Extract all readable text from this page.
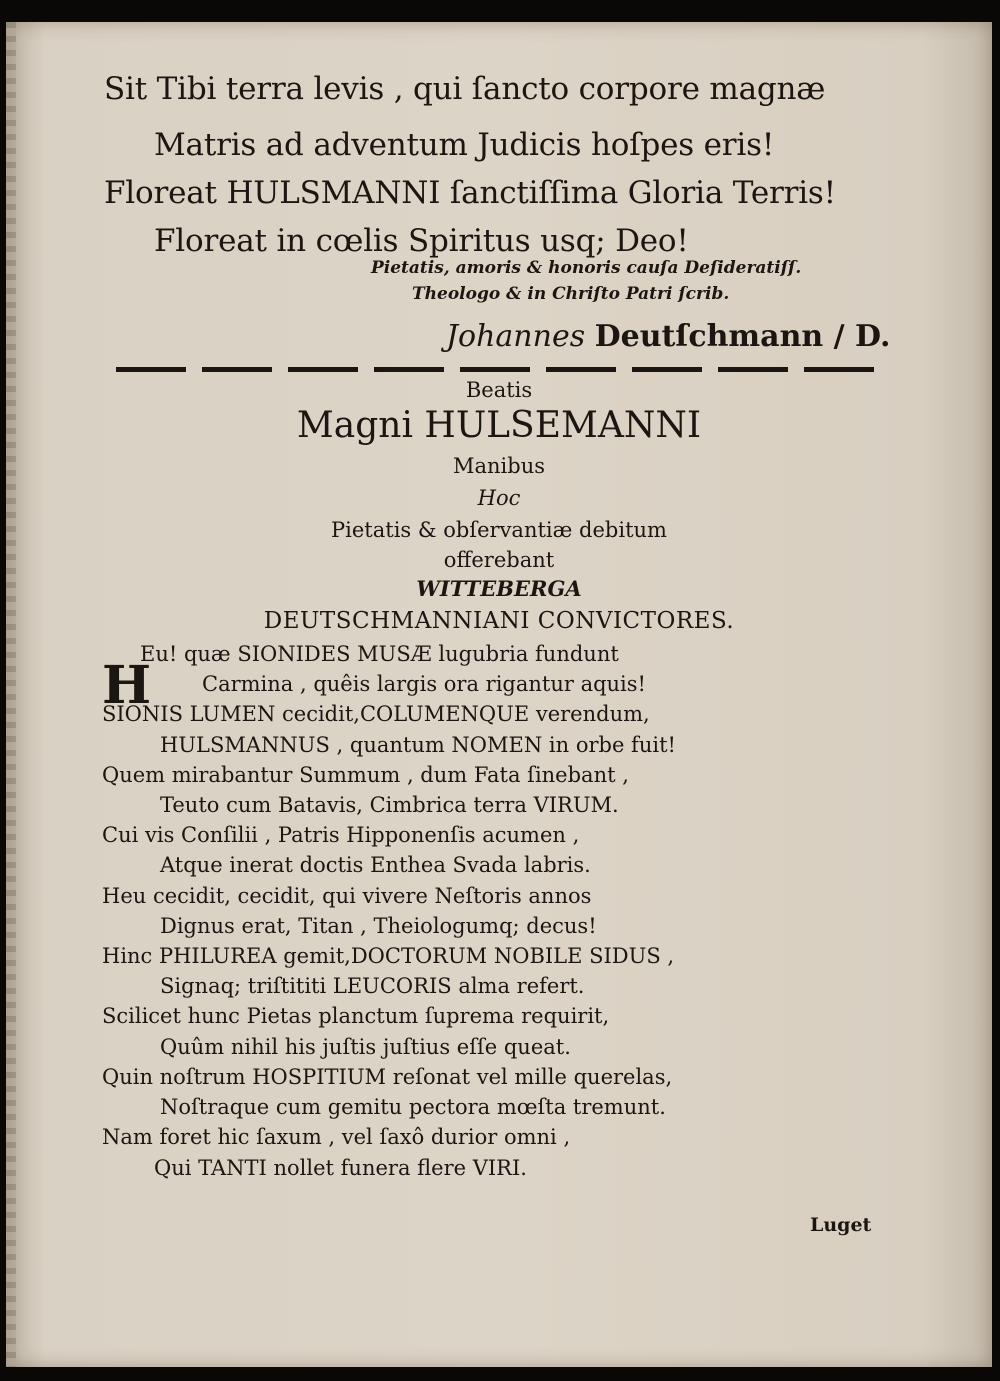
Sit Tibi terra levis , qui ſancto corpore magnæ
Matris ad adventum Judicis hoſpes eris!
Floreat HULSMANNI ſanctiſſima Gloria Terris!
Floreat in cœlis Spiritus usq; Deo!
Pietatis, amoris & honoris cauſa Deſideratiſſ.
Theologo & in Chriſto Patri ſcrib.
Johannes Deutſchmann / D.
Beatis
Magni HULSEMANNI
Manibus
Hoc
Pietatis & obſervantiæ debitum
offerebant
WITTEBERGA
DEUTSCHMANNIANI CONVICTORES.
H
Eu! quæ SIONIDES MUSÆ lugubria fundunt
Carmina , quêis largis ora rigantur aquis!
SIONIS LUMEN cecidit,COLUMENQUE verendum,
HULSMANNUS , quantum NOMEN in orbe fuit!
Quem mirabantur Summum , dum Fata ſinebant ,
Teuto cum Batavis, Cimbrica terra VIRUM.
Cui vis Conſilii , Patris Hipponenſis acumen ,
Atque inerat doctis Enthea Svada labris.
Heu cecidit, cecidit, qui vivere Neſtoris annos
Dignus erat, Titan , Theiologumq; decus!
Hinc PHILUREA gemit,DOCTORUM NOBILE SIDUS ,
Signaq; triſtititi LEUCORIS alma refert.
Scilicet hunc Pietas planctum ſuprema requirit,
Quûm nihil his juſtis juſtius eſſe queat.
Quin noſtrum HOSPITIUM reſonat vel mille querelas,
Noſtraque cum gemitu pectora mœſta tremunt.
Nam foret hic ſaxum , vel ſaxô durior omni ,
Qui TANTI nollet funera flere VIRI.
Luget
